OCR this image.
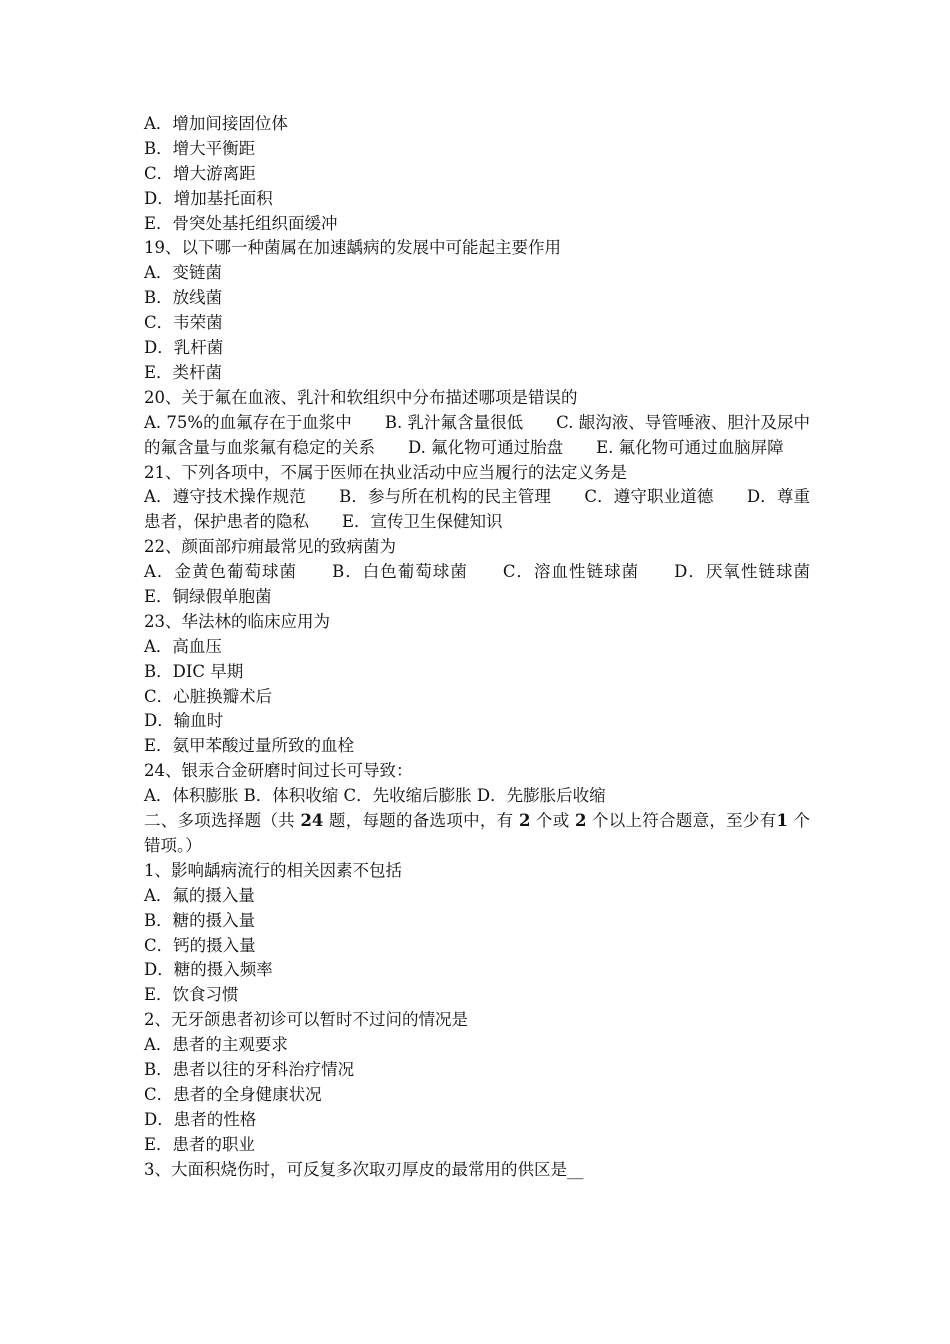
A．增加间接固位体
B．增大平衡距
C．增大游离距
D．增加基托面积
E．骨突处基托组织面缓冲
19、以下哪一种菌属在加速龋病的发展中可能起主要作用
A．变链菌
B．放线菌
C．韦荣菌
D．乳杆菌
E．类杆菌
20、关于氟在血液、乳汁和软组织中分布描述哪项是错误的
A. 75%的血氟存在于血浆中　　B. 乳汁氟含量很低　　C. 龈沟液、导管唾液、胆汁及尿中的氟含量与血浆氟有稳定的关系　　D. 氟化物可通过胎盘　　E. 氟化物可通过血脑屏障
21、下列各项中，不属于医师在执业活动中应当履行的法定义务是
A．遵守技术操作规范　　B．参与所在机构的民主管理　　C．遵守职业道德　　D．尊重患者，保护患者的隐私　　E．宣传卫生保健知识
22、颜面部疖痈最常见的致病菌为
A．金黄色葡萄球菌　　B．白色葡萄球菌　　C．溶血性链球菌　　D．厌氧性链球菌　　E．铜绿假单胞菌
23、华法林的临床应用为
A．高血压
B．DIC 早期
C．心脏换瓣术后
D．输血时
E．氨甲苯酸过量所致的血栓
24、银汞合金研磨时间过长可导致：
A．体积膨胀 B．体积收缩 C．先收缩后膨胀 D．先膨胀后收缩
二、多项选择题（共 24 题，每题的备选项中，有 2 个或 2 个以上符合题意，至少有1 个错项。）
1、影响龋病流行的相关因素不包括
A．氟的摄入量
B．糖的摄入量
C．钙的摄入量
D．糖的摄入频率
E．饮食习惯
2、无牙颌患者初诊可以暂时不过问的情况是
A．患者的主观要求
B．患者以往的牙科治疗情况
C．患者的全身健康状况
D．患者的性格
E．患者的职业
3、大面积烧伤时，可反复多次取刃厚皮的最常用的供区是__
